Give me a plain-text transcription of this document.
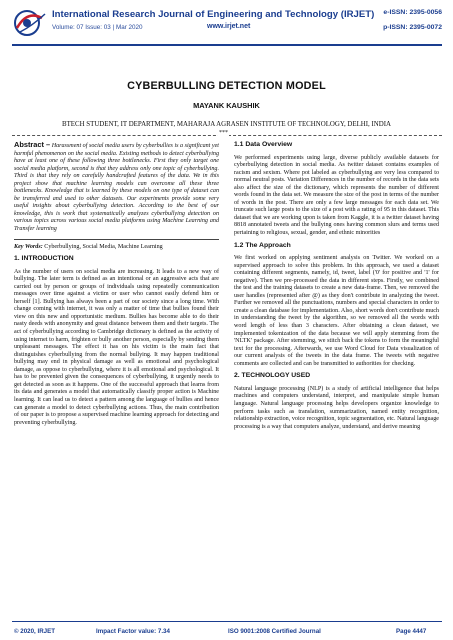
International Research Journal of Engineering and Technology (IRJET)
Volume: 07 Issue: 03 | Mar 2020	www.irjet.net
e-ISSN: 2395-0056
p-ISSN: 2395-0072
CYBERBULLING DETECTION MODEL
MAYANK KAUSHIK
BTECH STUDENT, IT DEPARTMENT, MAHARAJA AGRASEN INSTITUTE OF TECHNOLOGY, DELHI, INDIA
***

Abstract – Harassment of social media users by cyberbullies is a significant yet harmful phenomenon on the social media. Existing methods to detect cyberbullying have at least one of these following three bottlenecks. First they only target one social media platform, second is that they address only one topic of cyberbullying. Third is that they rely on carefully handcrafted features of the data. We in this project show that machine learning models can overcome all these three bottlenecks. Knowledge that is learned by these models on one type of dataset can be transferred and used to other datasets. Our experiments provide some very useful insights about cyberbullying detection. According to the best of our knowledge, this is work that systematically analyzes cyberbullying detection on various topics across various social media platforms using Machine Learning and Transfer learning

Key Words: Cyberbullying, Social Media, Machine Learning

1. INTRODUCTION

As the number of users on social media are increasing. It leads to a new way of bullying. The later term is defined as an intentional or an aggressive acts that are carried out by person or groups of individuals using repeatedly communication messages over time against a victim or user who cannot easily defend him or herself [1]. Bullying has always been a part of our society since a long time. With change coming with internet, it was only a matter of time that bullies found their view on this new and opportunistic medium. Bullies has become able to do their nasty deeds with anonymity and great distance between them and their targets. The act of cyberbullying according to Cambridge dictionary is defined as the activity of using internet to harm, frighten or bully another person, especially by sending them unpleasant messages. The effect it has on his victim is the main fact that distinguishes cyberbullying from the normal bullying. It may happen traditional bullying may end in physical damage as well as emotional and psychological damage, as oppose to cyberbullying, where it is all emotional and psychological. It has to be prevented given the consequences of cyberbullying, it urgently needs to get detected as soon as it happens. One of the successful approach that learns from its data and generates a model that automatically classify proper action is Machine learning. It can lead us to detect a pattern among the language of bullies and hence can generate a model to detect cyberbullying actions. Thus, the main contribution of our paper is to propose a supervised machine learning approach for detecting and preventing cyberbullying.

1.1 Data Overview

We performed experiments using large, diverse publicly available datasets for cyberbullying detection in social media. As twitter dataset contains examples of racism and sexism. Where pot labeled as cyberbullying are very less compared to normal neutral posts. Variation Differences in the number of records in the data sets also affect the size of the dictionary, which represents the number of different words found in the data set. We measure the size of the post in terms of the number of words in the post. There are only a few large messages for each data set. We truncate such large posts to the size of a post with a rating of 95 in this dataset. This dataset that we are working upon is taken from Kaggle, it is a twitter dataset having 8818 annotated tweets and the bullying ones having common slurs and terms used pertaining to religious, sexual, gender, and ethnic minorities

1.2 The Approach

We first worked on applying sentiment analysis on Twitter. We worked on a supervised approach to solve this problem. In this approach, we used a dataset containing different segments, namely, id, tweet, label ('0' for positive and '1' for negative). Then we pre-processed the data in different steps. Firstly, we combined the test and the training datasets to create a new data-frame. Then, we removed the user handles (represented after @) as they don't contribute in analyzing the tweet. Further we removed all the punctuations, numbers and special characters in order to create a clean database for implementation. Also, short words don't contribute much in understanding the tweet by the algorithm, so we removed all the words with word length of less than 3 characters. After obtaining a clean dataset, we implemented tokenization of the data because we will apply stemming from the 'NLTK' package. After stemming, we stitch back the tokens to form the meaningful text for the processing. Afterwards, we use Word Cloud for Data visualization of our current analysis of the tweets in the data frame. The tweets with negative comments are collected and can be transmitted to authorities for checking.

2. TECHNOLOGY USED

Natural language processing (NLP) is a study of artificial intelligence that helps machines and computers understand, interpret, and manipulate simple human language. Natural language processing helps developers organize knowledge to perform tasks such as translation, summarization, named entity recognition, relationship extraction, voice recognition, topic segmentation, etc. Natural language processing is a way that computers analyze, understand, and derive meaning

© 2020, IRJET	Impact Factor value: 7.34	ISO 9001:2008 Certified Journal	Page 4447
